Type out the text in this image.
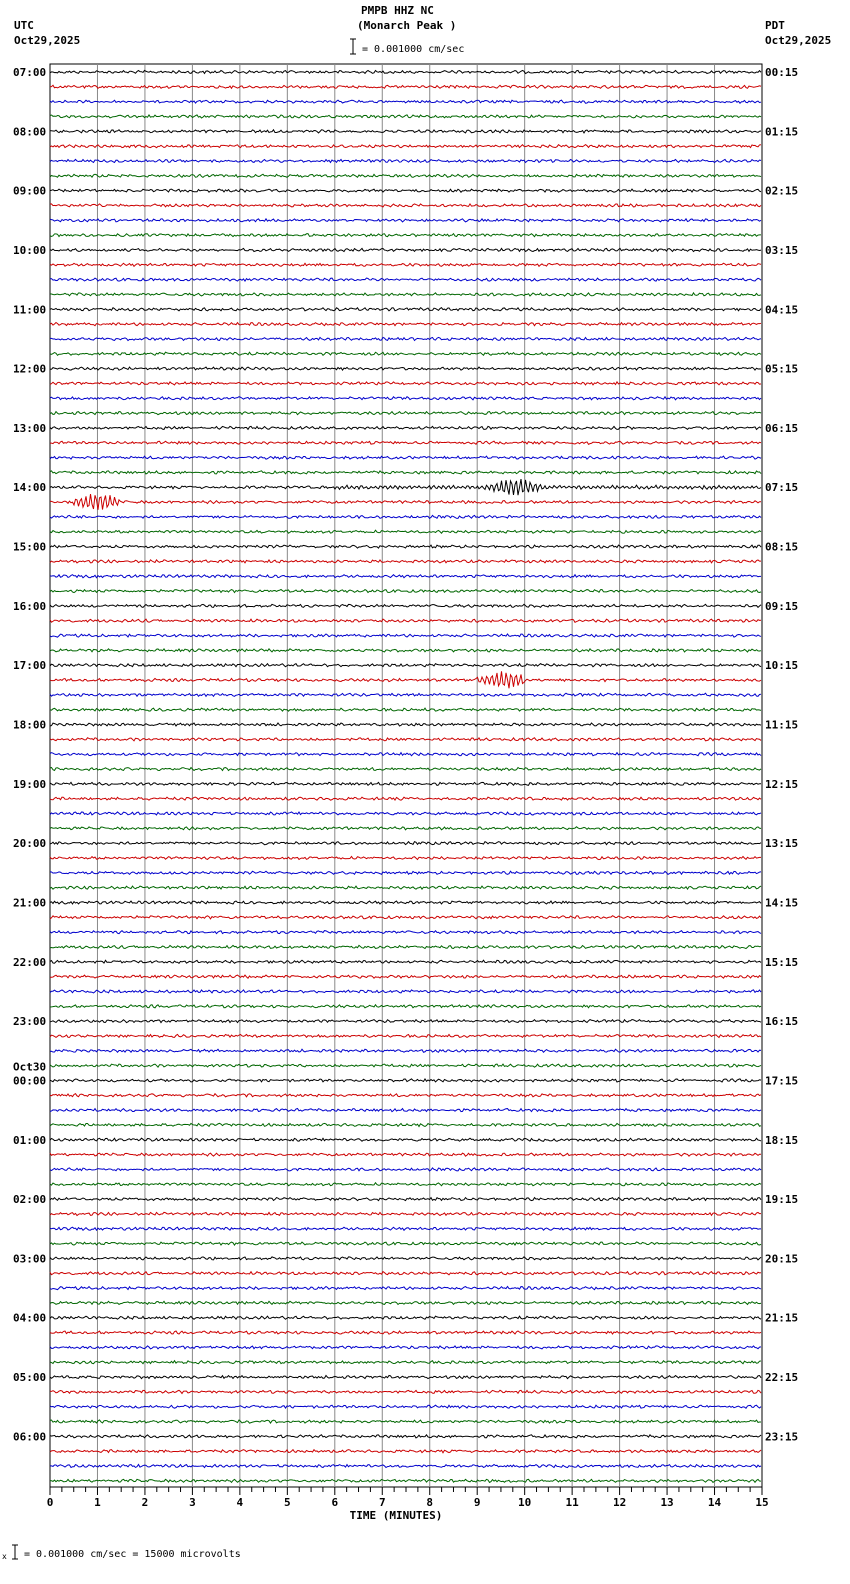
PMPB HHZ NC
(Monarch Peak )
UTC
Oct29,2025
PDT
Oct29,2025
= 0.001000 cm/sec
07:00
08:00
09:00
10:00
11:00
12:00
13:00
14:00
15:00
16:00
17:00
18:00
19:00
20:00
21:00
22:00
23:00
00:00
Oct30
01:00
02:00
03:00
04:00
05:00
06:00
00:15
01:15
02:15
03:15
04:15
05:15
06:15
07:15
08:15
09:15
10:15
11:15
12:15
13:15
14:15
15:15
16:15
17:15
18:15
19:15
20:15
21:15
22:15
23:15
0	1	2	3	4	5	6	7	8	9	10	11	12	13	14	15
TIME (MINUTES)
x = 0.001000 cm/sec = 15000 microvolts
